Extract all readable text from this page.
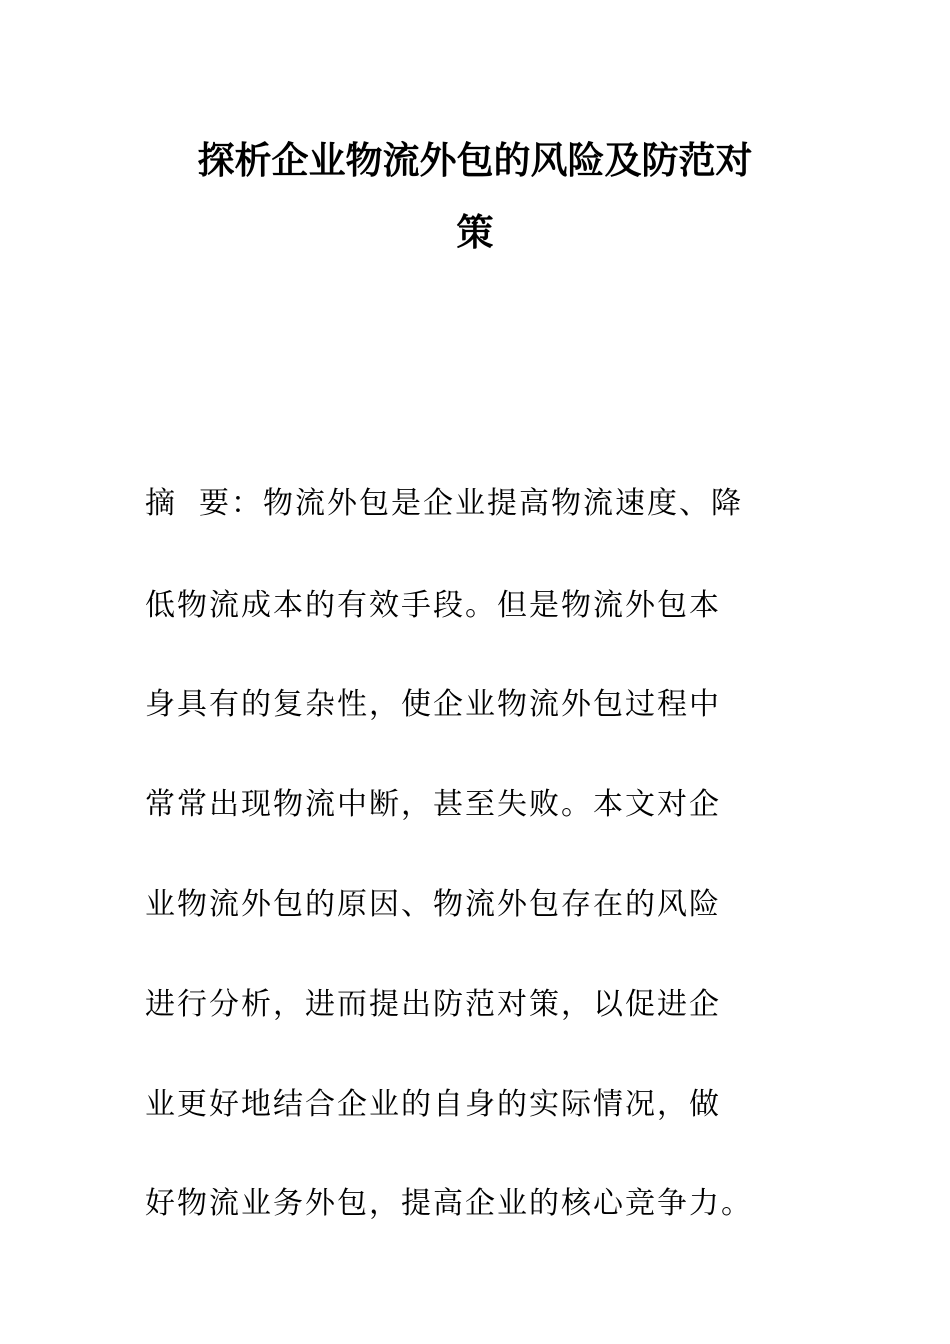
探析企业物流外包的风险及防范对
策
摘 要：物流外包是企业提高物流速度、降
低物流成本的有效手段。但是物流外包本
身具有的复杂性，使企业物流外包过程中
常常出现物流中断，甚至失败。本文对企
业物流外包的原因、物流外包存在的风险
进行分析，进而提出防范对策，以促进企
业更好地结合企业的自身的实际情况，做
好物流业务外包，提高企业的核心竞争力。
